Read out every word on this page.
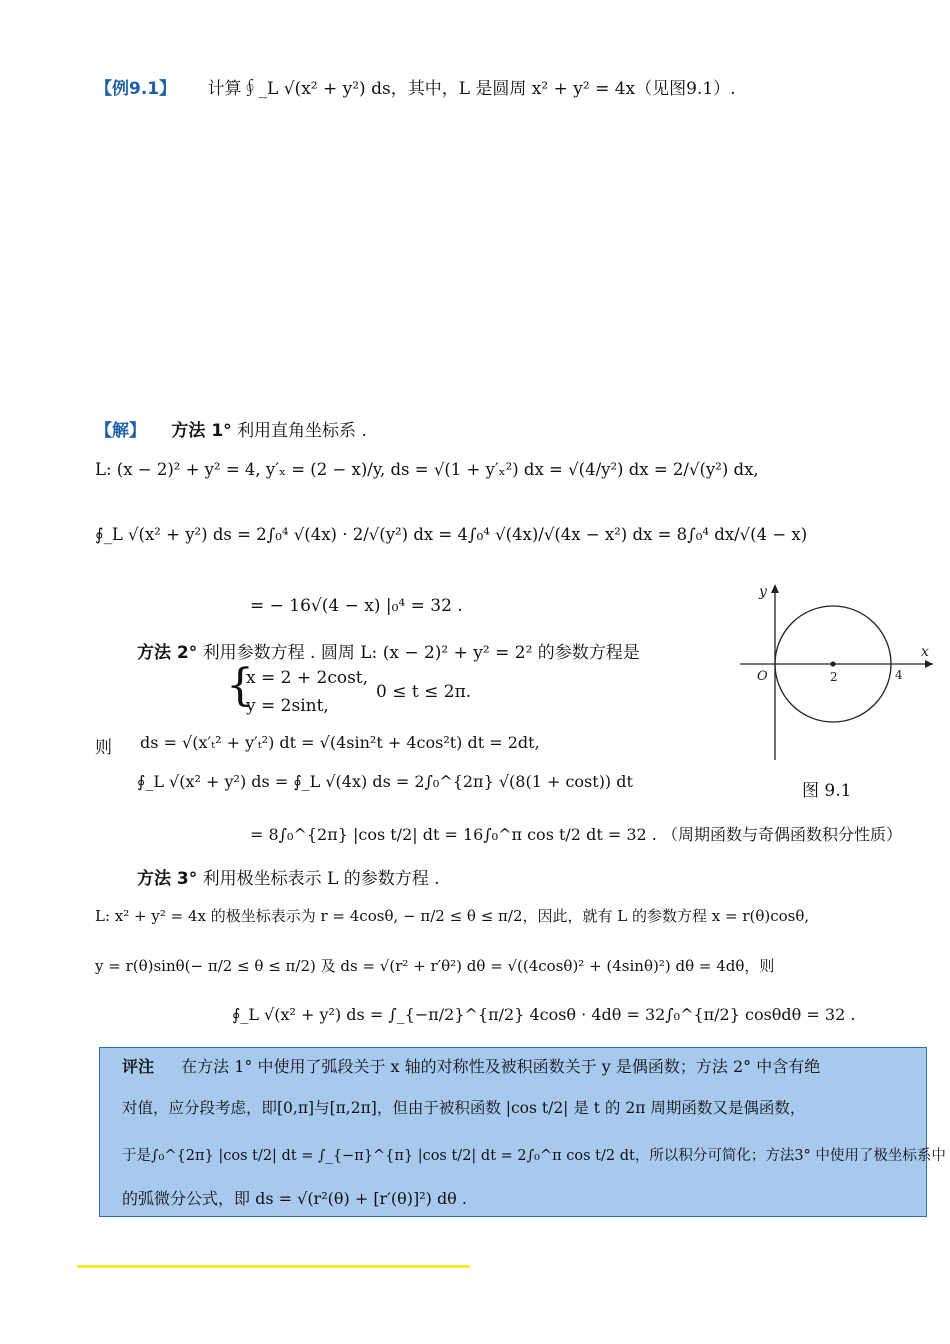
【例9.1】 计算∮_L √(x² + y²) ds，其中，L 是圆周 x² + y² = 4x（见图9.1）.
【解】 方法 1° 利用直角坐标系 .
L: (x − 2)² + y² = 4, y′ₓ = (2 − x)/y, ds = √(1 + y′ₓ²) dx = √(4/y²) dx = 2/√(y²) dx,
∮_L √(x² + y²) ds = 2∫₀⁴ √(4x) · 2/√(y²) dx = 4∫₀⁴ √(4x)/√(4x − x²) dx = 8∫₀⁴ dx/√(4 − x)
= − 16√(4 − x) |₀⁴ = 32 .
方法 2° 利用参数方程 . 圆周 L: (x − 2)² + y² = 2² 的参数方程是
{
x = 2 + 2cost,
y = 2sint,
0 ≤ t ≤ 2π.
则 ds = √(x′ₜ² + y′ₜ²) dt = √(4sin²t + 4cos²t) dt = 2dt,
∮_L √(x² + y²) ds = ∮_L √(4x) ds = 2∫₀^{2π} √(8(1 + cost)) dt
= 8∫₀^{2π} |cos t/2| dt = 16∫₀^π cos t/2 dt = 32 . （周期函数与奇偶函数积分性质）
方法 3° 利用极坐标表示 L 的参数方程 .
L: x² + y² = 4x 的极坐标表示为 r = 4cosθ, − π/2 ≤ θ ≤ π/2，因此，就有 L 的参数方程 x = r(θ)cosθ,
y = r(θ)sinθ(− π/2 ≤ θ ≤ π/2) 及 ds = √(r² + r′θ²) dθ = √((4cosθ)² + (4sinθ)²) dθ = 4dθ，则
∮_L √(x² + y²) ds = ∫_{−π/2}^{π/2} 4cosθ · 4dθ = 32∫₀^{π/2} cosθdθ = 32 .
y
x
O	2	4
图 9.1
评注 在方法 1° 中使用了弧段关于 x 轴的对称性及被积函数关于 y 是偶函数；方法 2° 中含有绝
对值，应分段考虑，即[0,π]与[π,2π]，但由于被积函数 |cos t/2| 是 t 的 2π 周期函数又是偶函数，
于是∫₀^{2π} |cos t/2| dt = ∫_{−π}^{π} |cos t/2| dt = 2∫₀^π cos t/2 dt，所以积分可简化；方法3° 中使用了极坐标系中
的弧微分公式，即 ds = √(r²(θ) + [r′(θ)]²) dθ .
